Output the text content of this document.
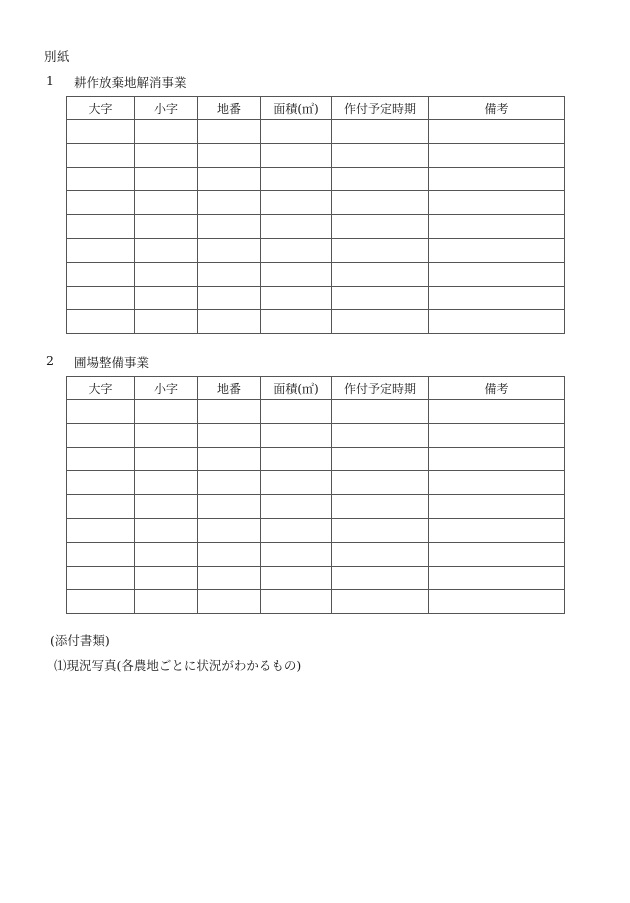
別紙
1 耕作放棄地解消事業
大字	小字	地番	面積(㎡)	作付予定時期	備考

2 圃場整備事業
大字	小字	地番	面積(㎡)	作付予定時期	備考

(添付書類)
⑴現況写真(各農地ごとに状況がわかるもの)
